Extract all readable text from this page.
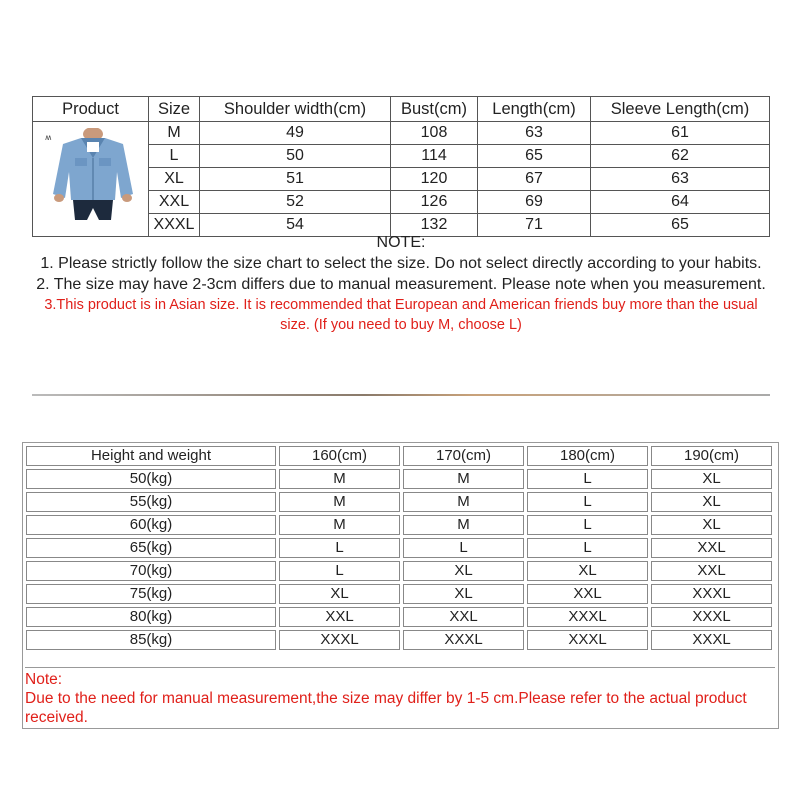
Product	Size	Shoulder width(cm)	Bust(cm)	Length(cm)	Sleeve Length(cm)

ʍ	M	49	108	63	61
	L	50	114	65	62
	XL	51	120	67	63
	XXL	52	126	69	64
	XXXL	54	132	71	65

NOTE:

1. Please strictly follow the size chart to select the size. Do not select directly according to your habits.

2. The size may have 2-3cm differs due to manual measurement. Please note when you measurement.

3.This product is in Asian size. It is recommended that European and American friends buy more than the usual size. (If you need to buy M, choose L)

Height and weight	160(cm)	170(cm)	180(cm)	190(cm)
50(kg)	M	M	L	XL
55(kg)	M	M	L	XL
60(kg)	M	M	L	XL
65(kg)	L	L	L	XXL
70(kg)	L	XL	XL	XXL
75(kg)	XL	XL	XXL	XXXL
80(kg)	XXL	XXL	XXXL	XXXL
85(kg)	XXXL	XXXL	XXXL	XXXL

Note:

Due to the need for manual measurement,the size may differ by 1-5 cm.Please refer to the actual product received.
